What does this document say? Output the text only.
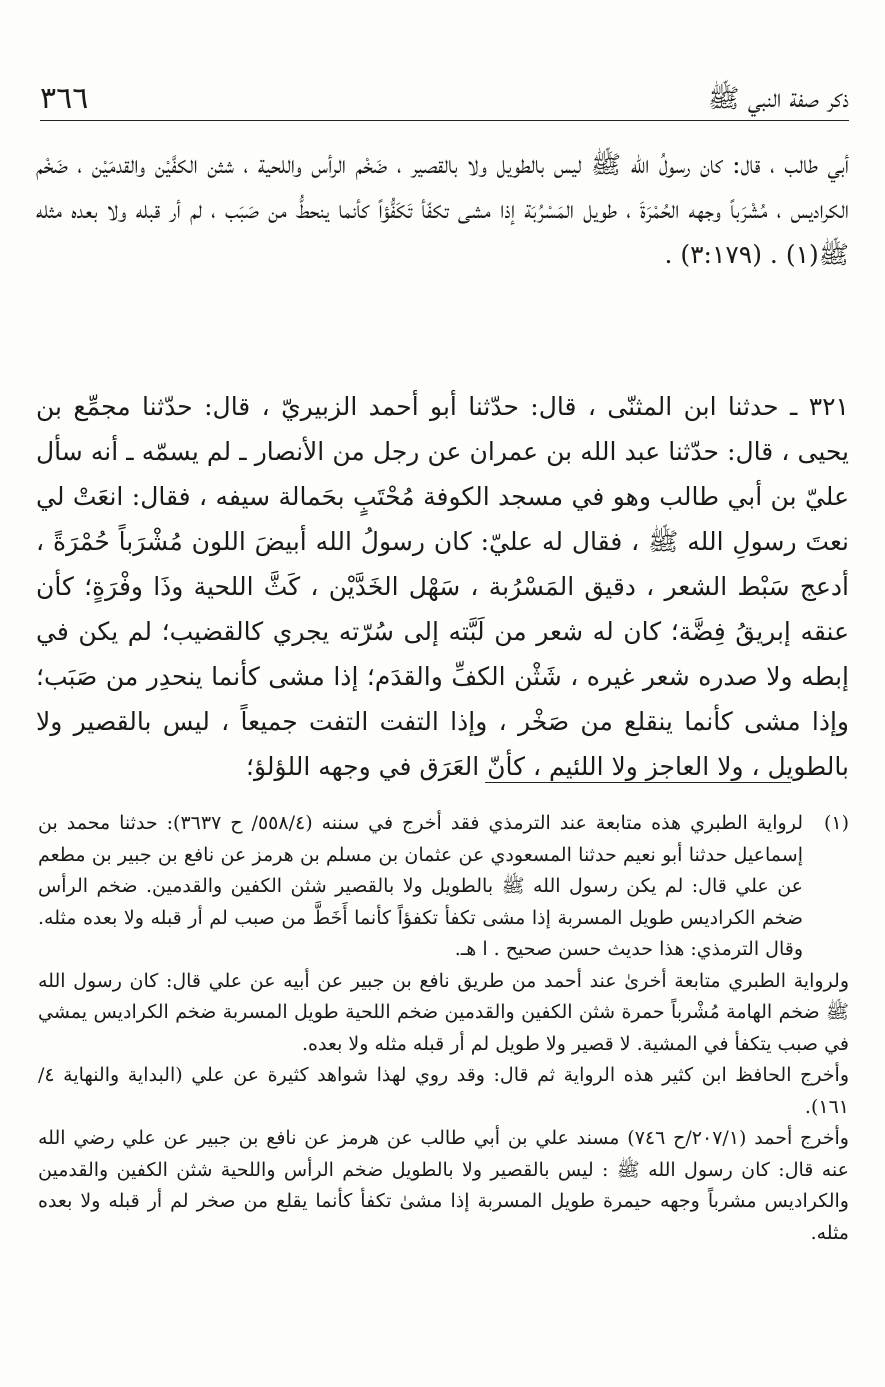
٣٦٦	ذكر صفة النبي ﷺ
أبي طالب ، قال: كان رسولُ الله ﷺ ليس بالطويل ولا بالقصير ، ضَخْم الرأس واللحية ، شثن الكفَّيْن والقدمَيْن ، ضَخْم الكراديس ، مُشْرَباً وجهه الحُمْرَةَ ، طويل المَسْرُبَة إذا مشى تكفّأ تَكَفُّؤاً كأنما ينحطُّ من صَبَب ، لم أر قبله ولا بعده مثله ﷺ(١) . (٣:١٧٩) .
٣٢١ ـ حدثنا ابن المثنّى ، قال: حدّثنا أبو أحمد الزبيريّ ، قال: حدّثنا مجمِّع بن يحيى ، قال: حدّثنا عبد الله بن عمران عن رجل من الأنصار ـ لم يسمّه ـ أنه سأل عليّ بن أبي طالب وهو في مسجد الكوفة مُحْتَبٍ بحَمالة سيفه ، فقال: انعَتْ لي نعتَ رسولِ الله ﷺ ، فقال له عليّ: كان رسولُ الله أبيضَ اللون مُشْرَباً حُمْرَةً ، أدعج سَبْط الشعر ، دقيق المَسْرُبة ، سَهْل الخَدَّيْن ، كَثَّ اللحية وذَا وفْرَةٍ؛ كأن عنقه إبريقُ فِضَّة؛ كان له شعر من لَبَّته إلى سُرّته يجري كالقضيب؛ لم يكن في إبطه ولا صدره شعر غيره ، شَثْن الكفِّ والقدَم؛ إذا مشى كأنما ينحدِر من صَبَب؛ وإذا مشى كأنما ينقلع من صَخْر ، وإذا التفت التفت جميعاً ، ليس بالقصير ولا بالطويل ، ولا العاجز ولا اللئيم ، كأنّ العَرَق في وجهه اللؤلؤ؛

(١)
لرواية الطبري هذه متابعة عند الترمذي فقد أخرج في سننه (٥٥٨/٤/ ح ٣٦٣٧): حدثنا محمد بن إسماعيل حدثنا أبو نعيم حدثنا المسعودي عن عثمان بن مسلم بن هرمز عن نافع بن جبير بن مطعم عن علي قال: لم يكن رسول الله ﷺ بالطويل ولا بالقصير شثن الكفين والقدمين. ضخم الرأس ضخم الكراديس طويل المسربة إذا مشى تكفأ تكفؤاً كأنما أَخَطَّ من صبب لم أر قبله ولا بعده مثله. وقال الترمذي: هذا حديث حسن صحيح . ا هـ.

ولرواية الطبري متابعة أخرىٰ عند أحمد من طريق نافع بن جبير عن أبيه عن علي قال: كان رسول الله ﷺ ضخم الهامة مُشْرباً حمرة شثن الكفين والقدمين ضخم اللحية طويل المسربة ضخم الكراديس يمشي في صبب يتكفأ في المشية. لا قصير ولا طويل لم أر قبله مثله ولا بعده.

وأخرج الحافظ ابن كثير هذه الرواية ثم قال: وقد روي لهذا شواهد كثيرة عن علي (البداية والنهاية ٤/ ١٦١).

وأخرج أحمد (٢٠٧/١/ح ٧٤٦) مسند علي بن أبي طالب عن هرمز عن نافع بن جبير عن علي رضي الله عنه قال: كان رسول الله ﷺ : ليس بالقصير ولا بالطويل ضخم الرأس واللحية شثن الكفين والقدمين والكراديس مشرباً وجهه حيمرة طويل المسربة إذا مشىٰ تكفأ كأنما يقلع من صخر لم أر قبله ولا بعده مثله.
